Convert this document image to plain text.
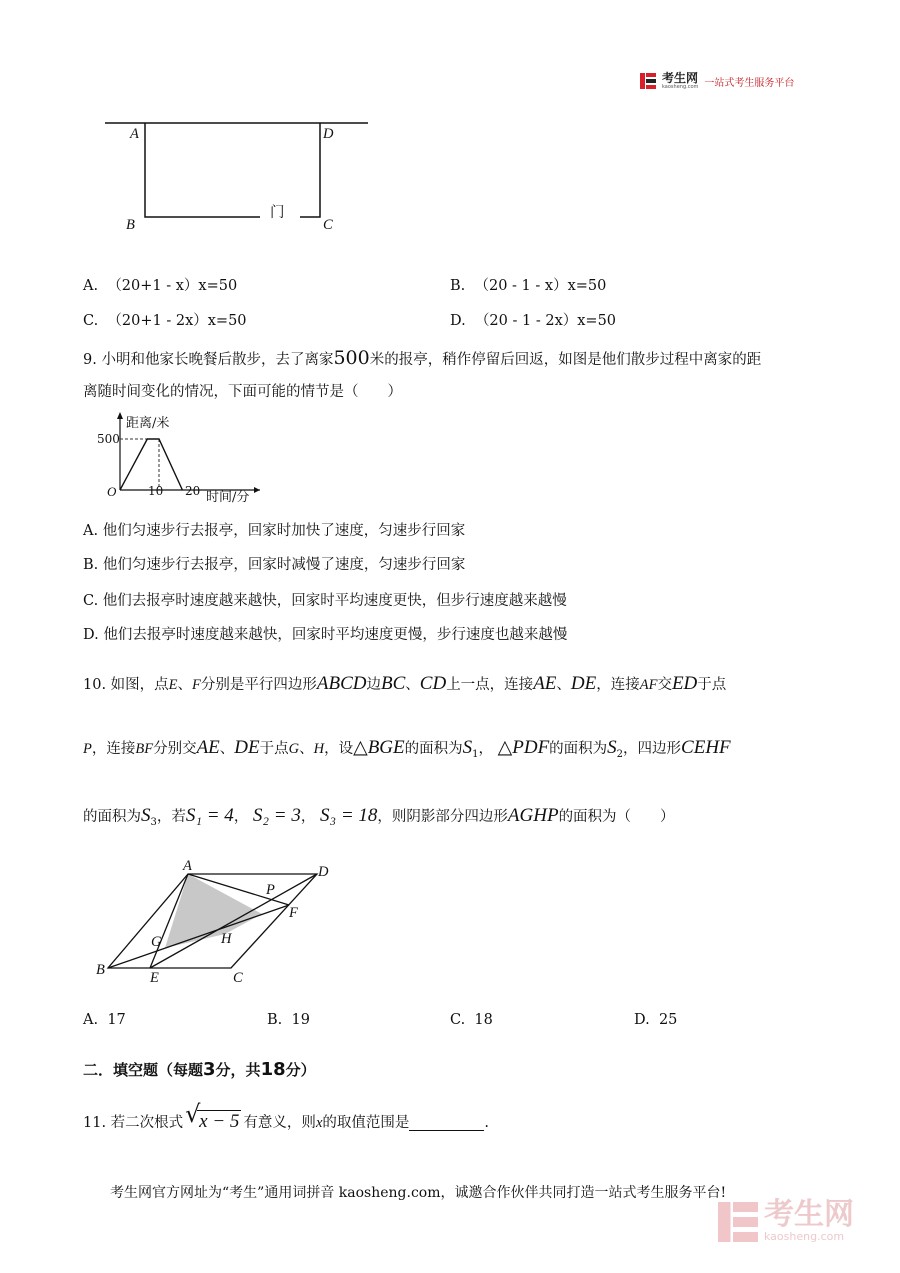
考生网
kaosheng.com 一站式考生服务平台
A	D
B	C
门
A. （20+1 - x）x=50	B. （20 - 1 - x）x=50
C. （20+1 - 2x）x=50	D. （20 - 1 - 2x）x=50
9. 小明和他家长晚餐后散步，去了离家500米的报亭，稍作停留后回返，如图是他们散步过程中离家的距
离随时间变化的情况，下面可能的情节是（　　）
距离/米
500
O	10 20 时间/分
A. 他们匀速步行去报亭，回家时加快了速度，匀速步行回家
B. 他们匀速步行去报亭，回家时减慢了速度，匀速步行回家
C. 他们去报亭时速度越来越快，回家时平均速度更快，但步行速度越来越慢
D. 他们去报亭时速度越来越快，回家时平均速度更慢，步行速度也越来越慢
10. 如图，点E、F分别是平行四边形ABCD边BC、CD上一点，连接AE、DE，连接AF交ED于点
P，连接BF分别交AE、DE于点G、H，设△BGE的面积为$S_1$， △PDF的面积为$S_2$，四边形CEHF
的面积为$S_3$，若S₁ = 4， S₂ = 3， S₃ = 18，则阴影部分四边形AGHP的面积为（　　）
A	D
P
F
G	H
B	E	C
A. 17	B. 19	C. 18	D. 25
二．填空题（每题3分，共18分）
11. 若二次根式 √
x − 5 有意义，则x的取值范围是	.
考生网官方网址为“考生”通用词拼音 kaosheng.com，诚邀合作伙伴共同打造一站式考生服务平台!
考生网
kaosheng.com
